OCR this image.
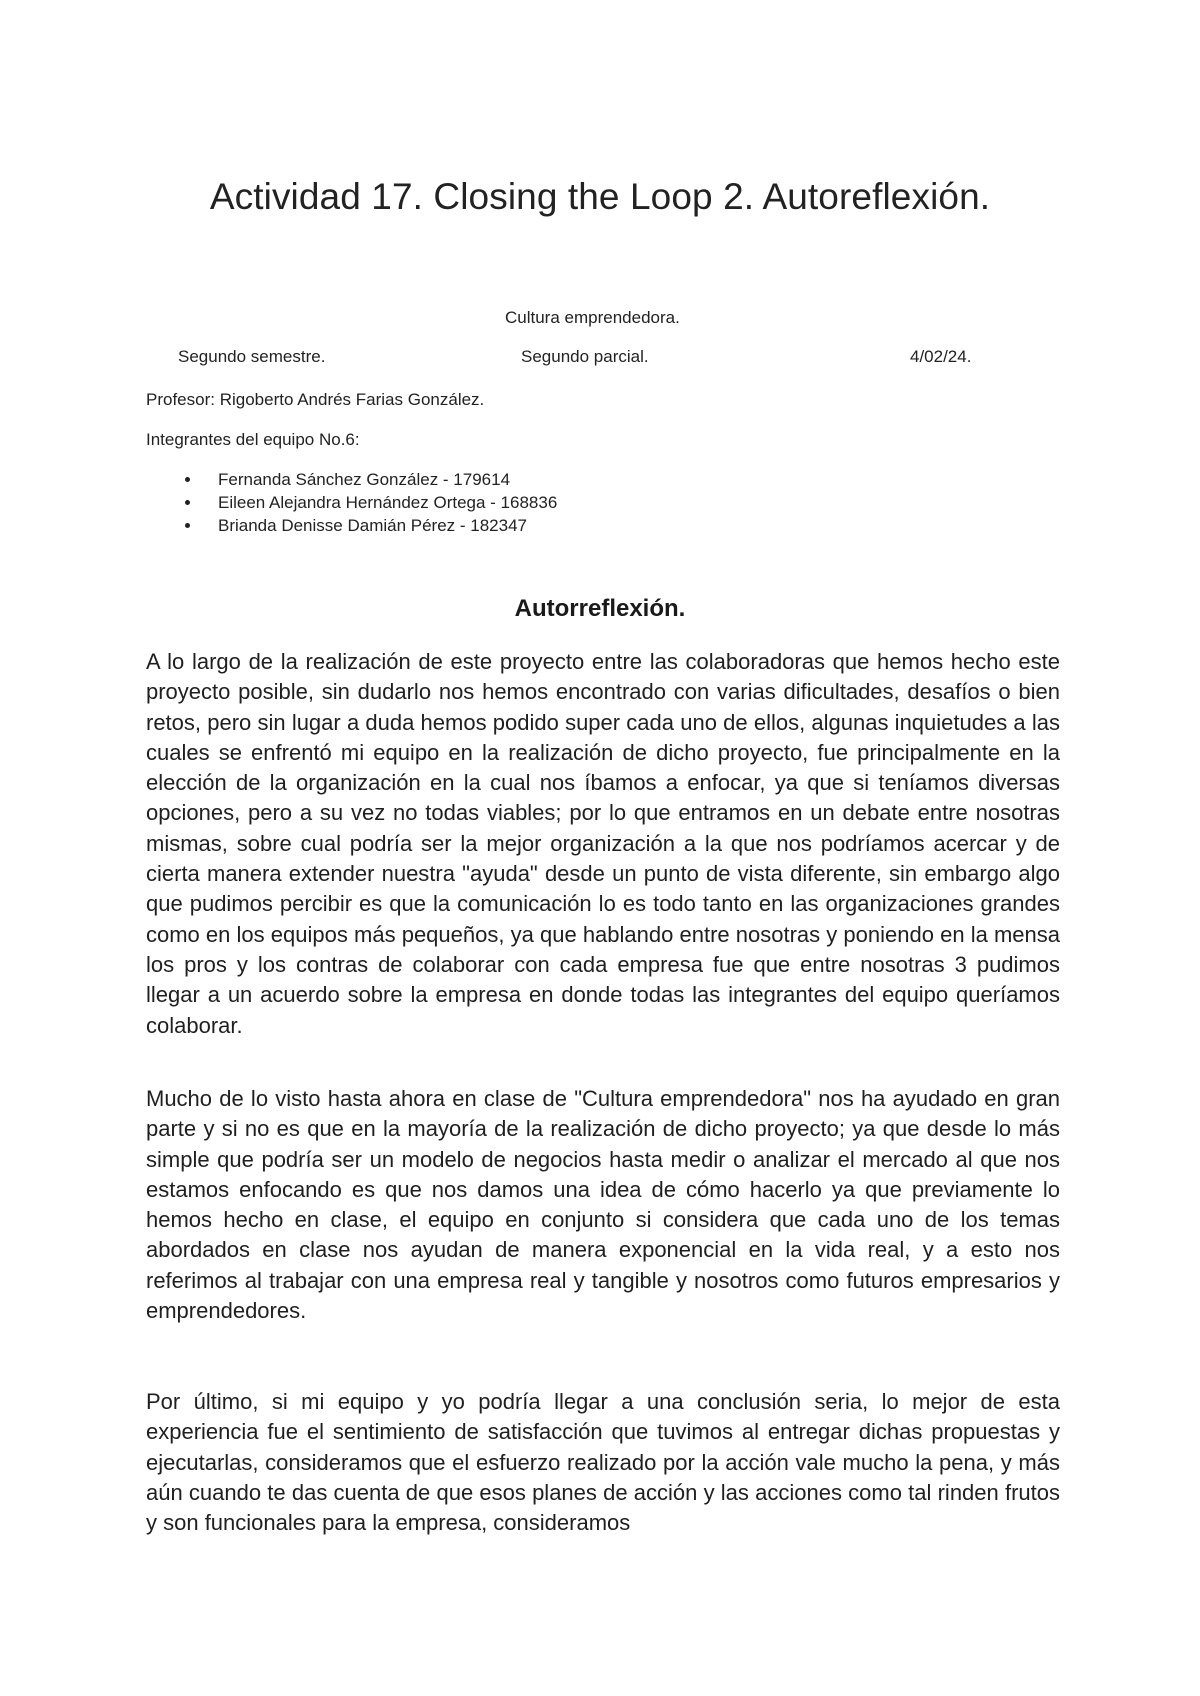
Actividad 17. Closing the Loop 2. Autoreflexión.
Cultura emprendedora.
Segundo semestre.	Segundo parcial.	4/02/24.
Profesor: Rigoberto Andrés Farias González.
Integrantes del equipo No.6:
Fernanda Sánchez González - 179614
Eileen Alejandra Hernández Ortega - 168836
Brianda Denisse Damián Pérez - 182347
Autorreflexión.

A lo largo de la realización de este proyecto entre las colaboradoras que hemos hecho este proyecto posible, sin dudarlo nos hemos encontrado con varias dificultades, desafíos o bien retos, pero sin lugar a duda hemos podido super cada uno de ellos, algunas inquietudes a las cuales se enfrentó mi equipo en la realización de dicho proyecto, fue principalmente en la elección de la organización en la cual nos íbamos a enfocar, ya que si teníamos diversas opciones, pero a su vez no todas viables; por lo que entramos en un debate entre nosotras mismas, sobre cual podría ser la mejor organización a la que nos podríamos acercar y de cierta manera extender nuestra "ayuda" desde un punto de vista diferente, sin embargo algo que pudimos percibir es que la comunicación lo es todo tanto en las organizaciones grandes como en los equipos más pequeños, ya que hablando entre nosotras y poniendo en la mensa los pros y los contras de colaborar con cada empresa fue que entre nosotras 3 pudimos llegar a un acuerdo sobre la empresa en donde todas las integrantes del equipo queríamos colaborar.

Mucho de lo visto hasta ahora en clase de "Cultura emprendedora" nos ha ayudado en gran parte y si no es que en la mayoría de la realización de dicho proyecto; ya que desde lo más simple que podría ser un modelo de negocios hasta medir o analizar el mercado al que nos estamos enfocando es que nos damos una idea de cómo hacerlo ya que previamente lo hemos hecho en clase, el equipo en conjunto si considera que cada uno de los temas abordados en clase nos ayudan de manera exponencial en la vida real, y a esto nos referimos al trabajar con una empresa real y tangible y nosotros como futuros empresarios y emprendedores.

Por último, si mi equipo y yo podría llegar a una conclusión seria, lo mejor de esta experiencia fue el sentimiento de satisfacción que tuvimos al entregar dichas propuestas y ejecutarlas, consideramos que el esfuerzo realizado por la acción vale mucho la pena, y más aún cuando te das cuenta de que esos planes de acción y las acciones como tal rinden frutos y son funcionales para la empresa, consideramos
